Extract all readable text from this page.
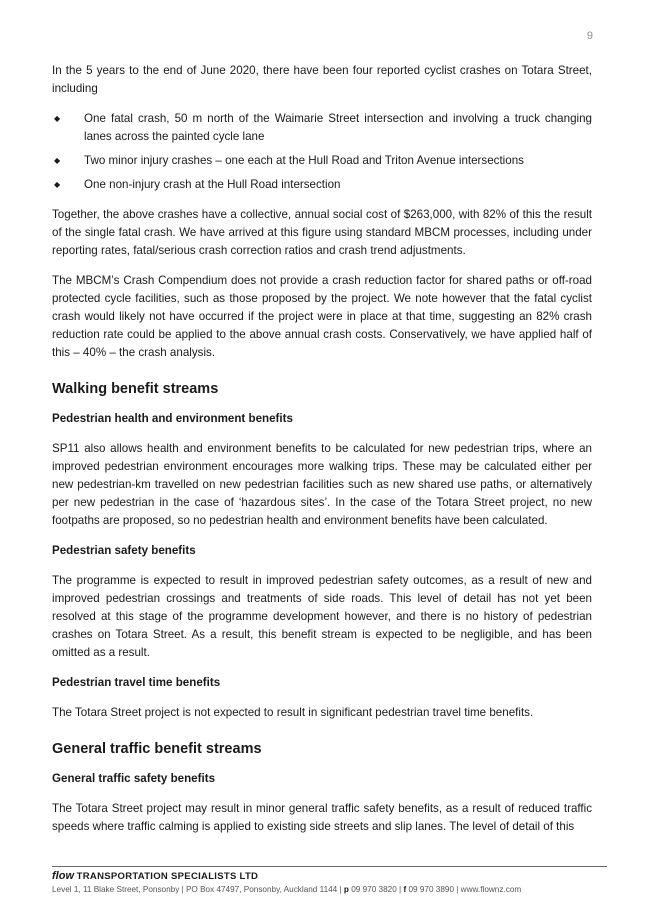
9

In the 5 years to the end of June 2020, there have been four reported cyclist crashes on Totara Street, including

◆ One fatal crash, 50 m north of the Waimarie Street intersection and involving a truck changing lanes across the painted cycle lane
◆ Two minor injury crashes – one each at the Hull Road and Triton Avenue intersections
◆ One non-injury crash at the Hull Road intersection

Together, the above crashes have a collective, annual social cost of $263,000, with 82% of this the result of the single fatal crash. We have arrived at this figure using standard MBCM processes, including under reporting rates, fatal/serious crash correction ratios and crash trend adjustments.

The MBCM’s Crash Compendium does not provide a crash reduction factor for shared paths or off-road protected cycle facilities, such as those proposed by the project. We note however that the fatal cyclist crash would likely not have occurred if the project were in place at that time, suggesting an 82% crash reduction rate could be applied to the above annual crash costs. Conservatively, we have applied half of this – 40% – the crash analysis.

Walking benefit streams
Pedestrian health and environment benefits

SP11 also allows health and environment benefits to be calculated for new pedestrian trips, where an improved pedestrian environment encourages more walking trips. These may be calculated either per new pedestrian-km travelled on new pedestrian facilities such as new shared use paths, or alternatively per new pedestrian in the case of ‘hazardous sites’. In the case of the Totara Street project, no new footpaths are proposed, so no pedestrian health and environment benefits have been calculated.

Pedestrian safety benefits

The programme is expected to result in improved pedestrian safety outcomes, as a result of new and improved pedestrian crossings and treatments of side roads. This level of detail has not yet been resolved at this stage of the programme development however, and there is no history of pedestrian crashes on Totara Street. As a result, this benefit stream is expected to be negligible, and has been omitted as a result.

Pedestrian travel time benefits

The Totara Street project is not expected to result in significant pedestrian travel time benefits.

General traffic benefit streams
General traffic safety benefits

The Totara Street project may result in minor general traffic safety benefits, as a result of reduced traffic speeds where traffic calming is applied to existing side streets and slip lanes. The level of detail of this

flow TRANSPORTATION SPECIALISTS LTD
Level 1, 11 Blake Street, Ponsonby | PO Box 47497, Ponsonby, Auckland 1144 | p 09 970 3820 | f 09 970 3890 | www.flownz.com
